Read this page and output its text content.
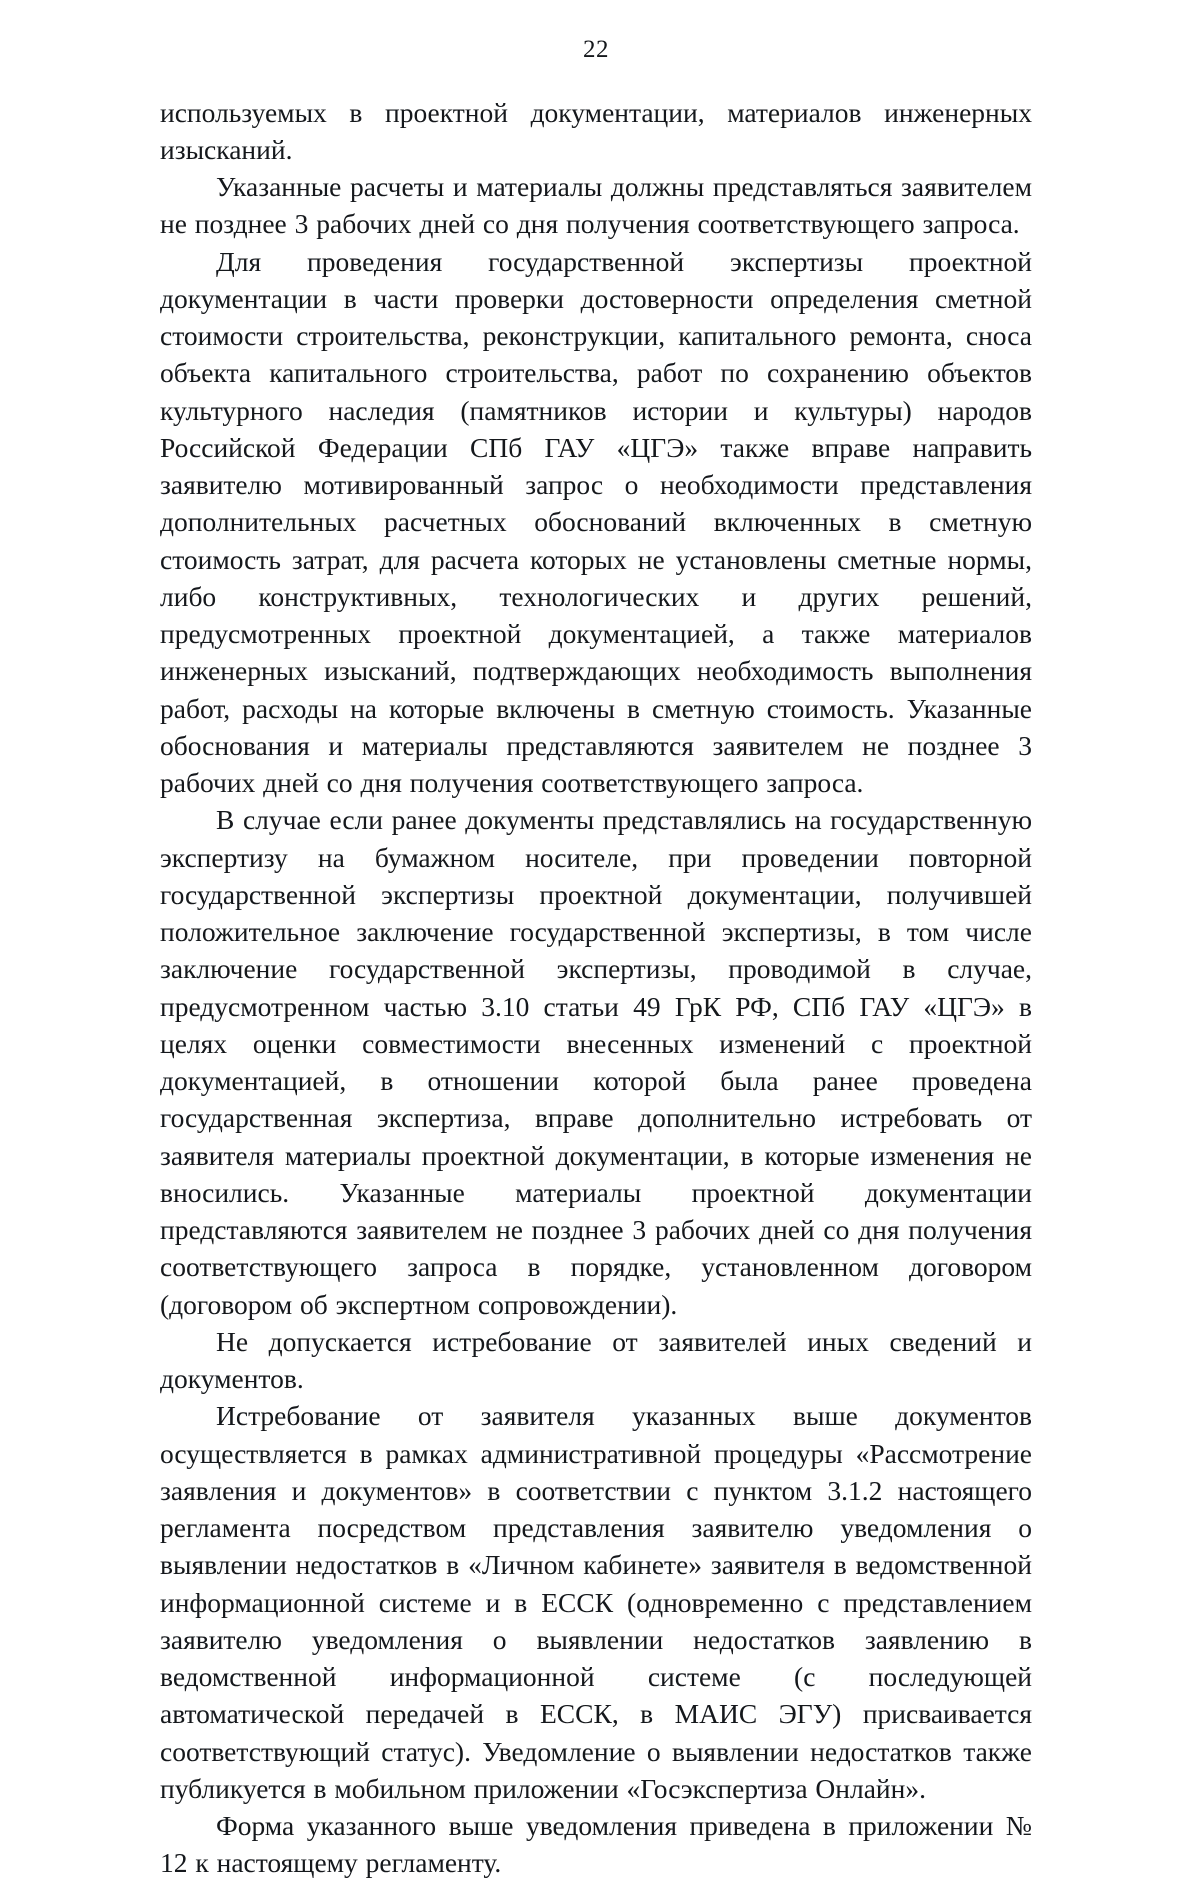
22

используемых в проектной документации, материалов инженерных изысканий.

Указанные расчеты и материалы должны представляться заявителем не позднее 3 рабочих дней со дня получения соответствующего запроса.

Для проведения государственной экспертизы проектной документации в части проверки достоверности определения сметной стоимости строительства, реконструкции, капитального ремонта, сноса объекта капитального строительства, работ по сохранению объектов культурного наследия (памятников истории и культуры) народов Российской Федерации СПб ГАУ «ЦГЭ» также вправе направить заявителю мотивированный запрос о необходимости представления дополнительных расчетных обоснований включенных в сметную стоимость затрат, для расчета которых не установлены сметные нормы, либо конструктивных, технологических и других решений, предусмотренных проектной документацией, а также материалов инженерных изысканий, подтверждающих необходимость выполнения работ, расходы на которые включены в сметную стоимость. Указанные обоснования и материалы представляются заявителем не позднее 3 рабочих дней со дня получения соответствующего запроса.

В случае если ранее документы представлялись на государственную экспертизу на бумажном носителе, при проведении повторной государственной экспертизы проектной документации, получившей положительное заключение государственной экспертизы, в том числе заключение государственной экспертизы, проводимой в случае, предусмотренном частью 3.10 статьи 49 ГрК РФ, СПб ГАУ «ЦГЭ» в целях оценки совместимости внесенных изменений с проектной документацией, в отношении которой была ранее проведена государственная экспертиза, вправе дополнительно истребовать от заявителя материалы проектной документации, в которые изменения не вносились. Указанные материалы проектной документации представляются заявителем не позднее 3 рабочих дней со дня получения соответствующего запроса в порядке, установленном договором (договором об экспертном сопровождении).

Не допускается истребование от заявителей иных сведений и документов.

Истребование от заявителя указанных выше документов осуществляется в рамках административной процедуры «Рассмотрение заявления и документов» в соответствии с пунктом 3.1.2 настоящего регламента посредством представления заявителю уведомления о выявлении недостатков в «Личном кабинете» заявителя в ведомственной информационной системе и в ЕССК (одновременно с представлением заявителю уведомления о выявлении недостатков заявлению в ведомственной информационной системе (с последующей автоматической передачей в ЕССК, в МАИС ЭГУ) присваивается соответствующий статус). Уведомление о выявлении недостатков также публикуется в мобильном приложении «Госэкспертиза Онлайн».

Форма указанного выше уведомления приведена в приложении № 12 к настоящему регламенту.
